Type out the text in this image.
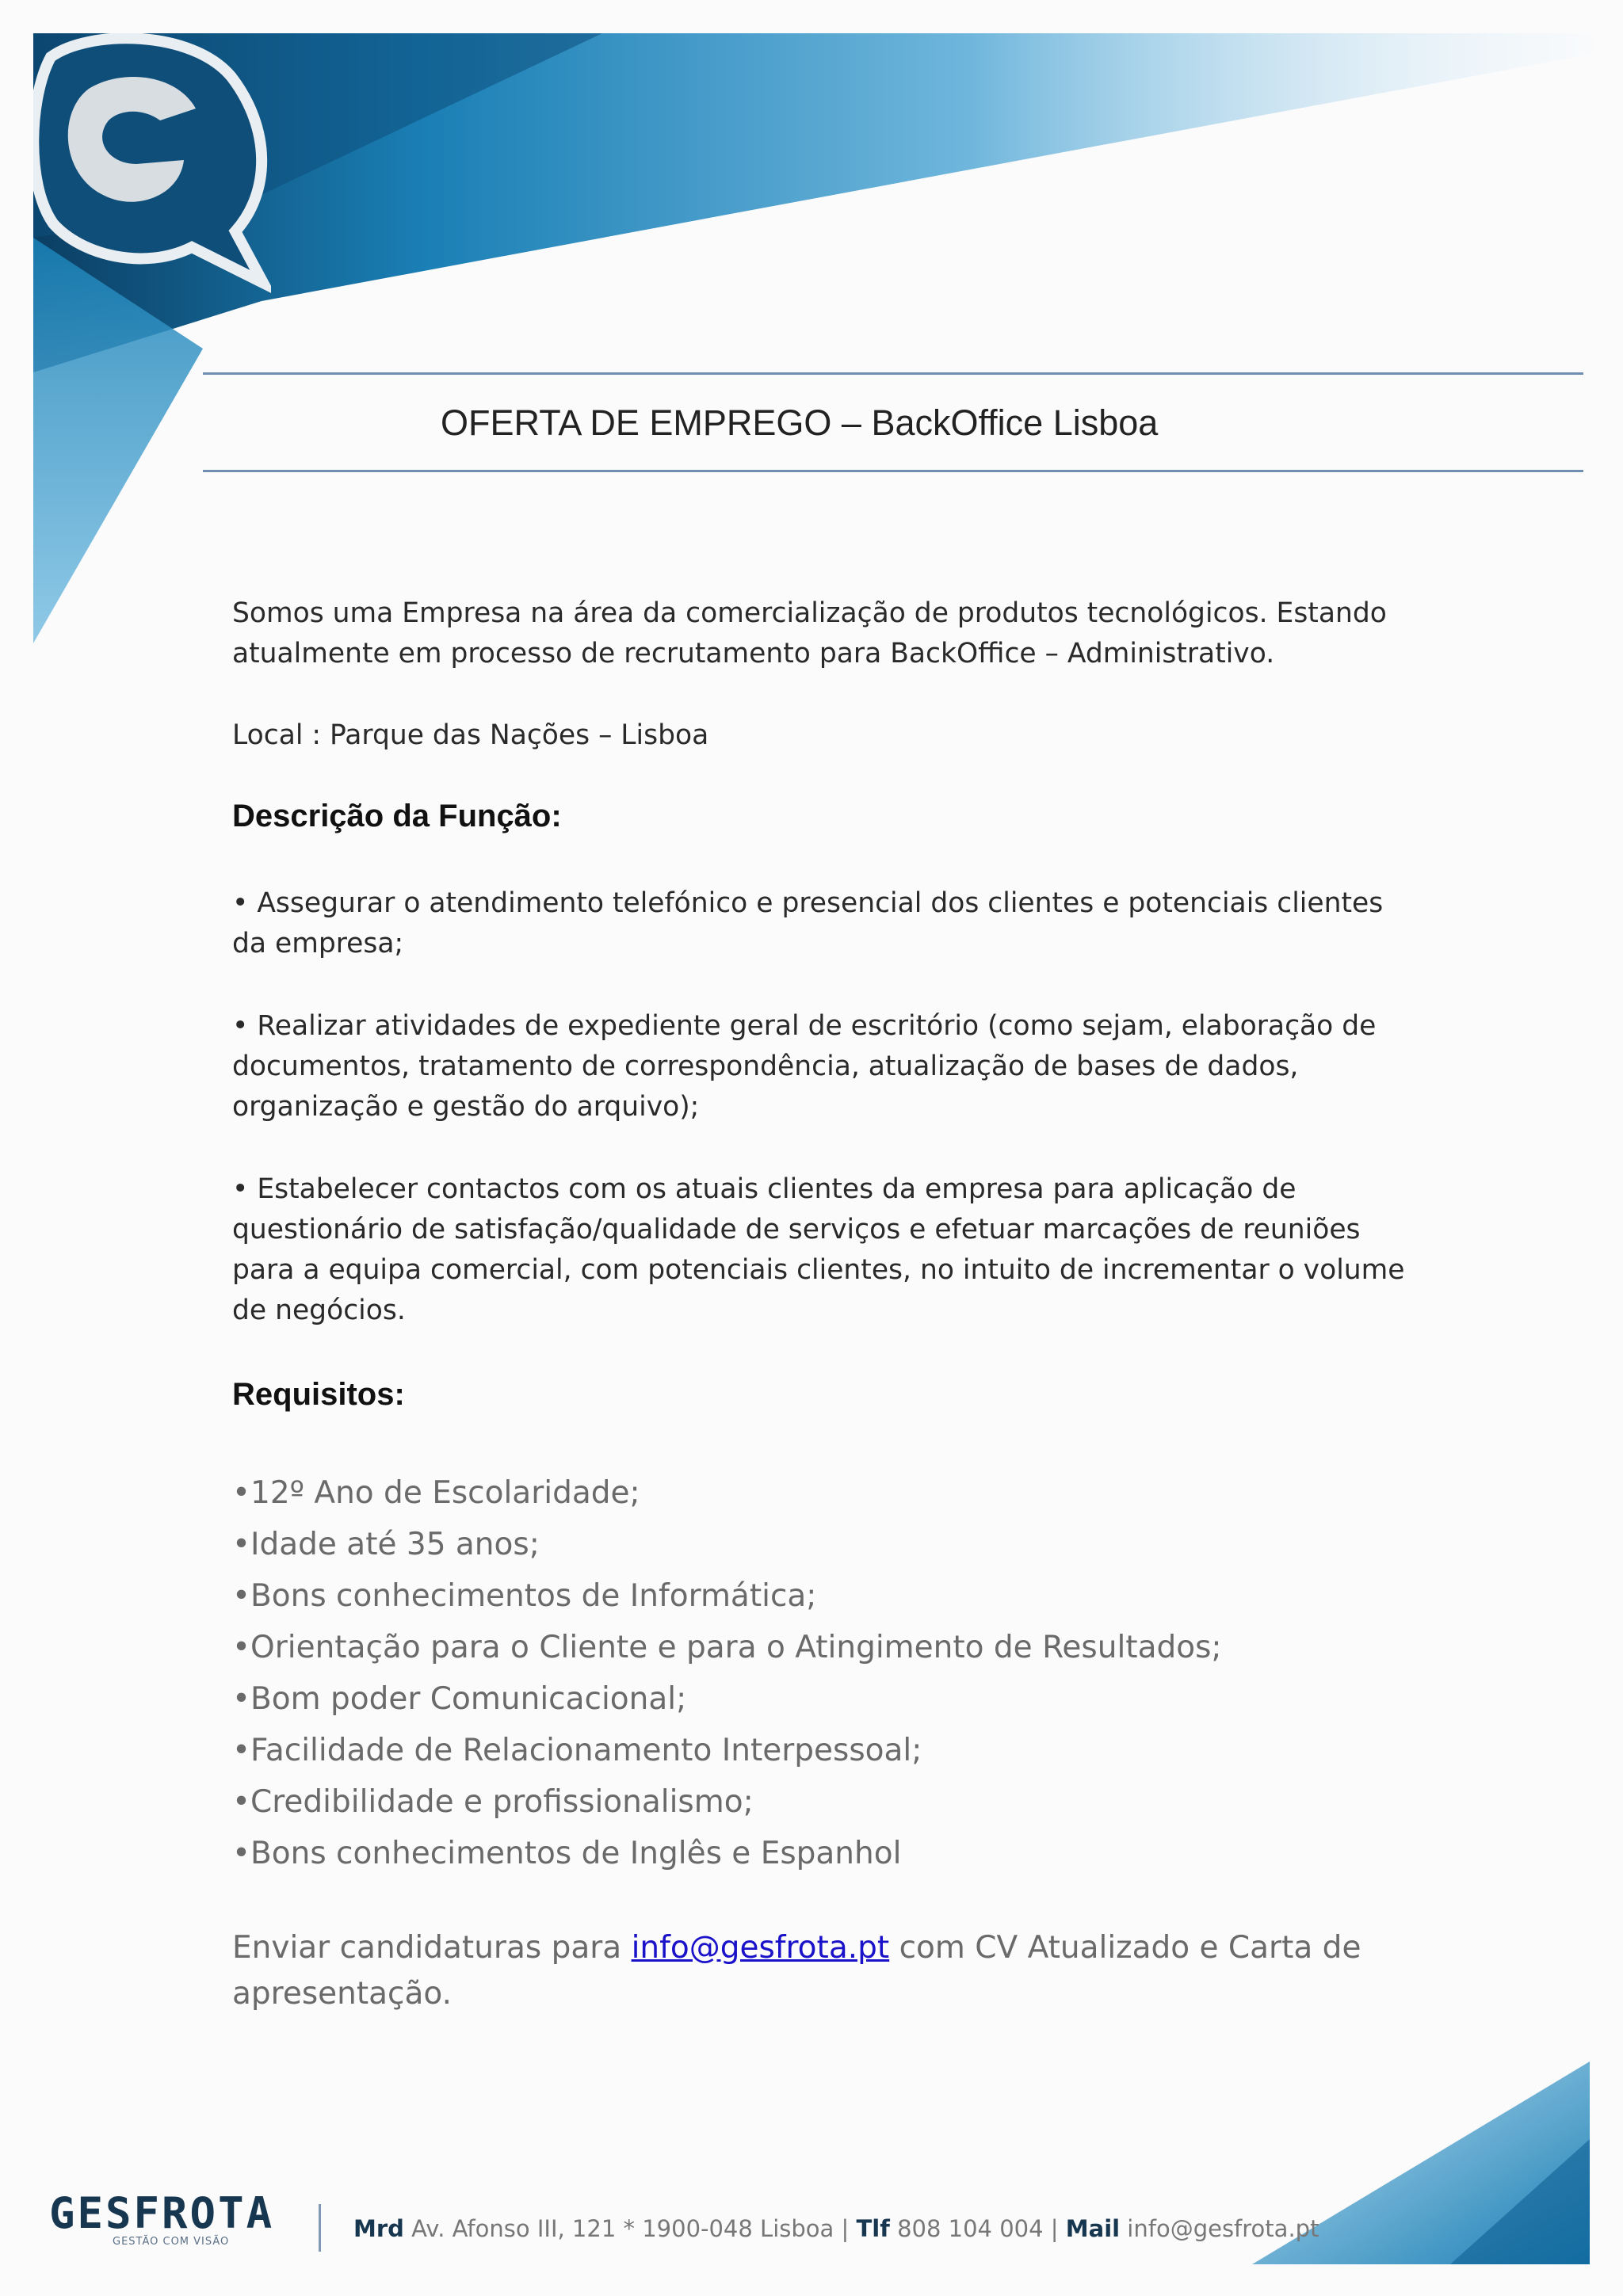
OFERTA DE EMPREGO – BackOffice Lisboa
Somos uma Empresa na área da comercialização de produtos tecnológicos. Estando
atualmente em processo de recrutamento para BackOffice – Administrativo.
Local : Parque das Nações – Lisboa
Descrição da Função:
• Assegurar o atendimento telefónico e presencial dos clientes e potenciais clientes da empresa;
• Realizar atividades de expediente geral de escritório (como sejam, elaboração de documentos, tratamento de correspondência, atualização de bases de dados, organização e gestão do arquivo);
• Estabelecer contactos com os atuais clientes da empresa para aplicação de questionário de satisfação/qualidade de serviços e efetuar marcações de reuniões para a equipa comercial, com potenciais clientes, no intuito de incrementar o volume de negócios.
Requisitos:
•12º Ano de Escolaridade;
•Idade até 35 anos;
•Bons conhecimentos de Informática;
•Orientação para o Cliente e para o Atingimento de Resultados;
•Bom poder Comunicacional;
•Facilidade de Relacionamento Interpessoal;
•Credibilidade e profissionalismo;
•Bons conhecimentos de Inglês e Espanhol
Enviar candidaturas para info@gesfrota.pt com CV Atualizado e Carta de apresentação.
GESFROTA
GESTÃO COM VISÃO	Mrd Av. Afonso III, 121 * 1900-048 Lisboa | Tlf 808 104 004 | Mail info@gesfrota.pt
